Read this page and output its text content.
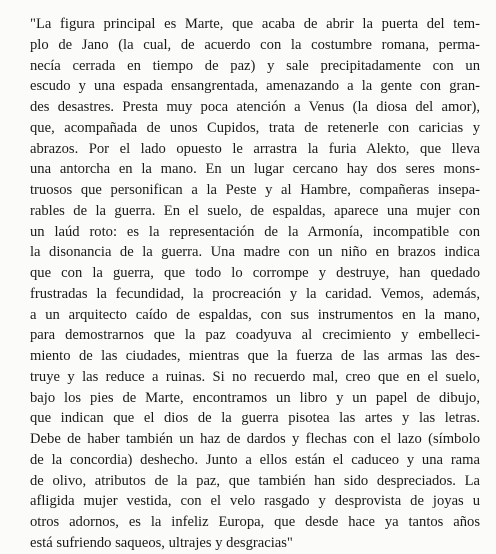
"La figura principal es Marte, que acaba de abrir la puerta del tem-
plo de Jano (la cual, de acuerdo con la costumbre romana, perma-
necía cerrada en tiempo de paz) y sale precipitadamente con un
escudo y una espada ensangrentada, amenazando a la gente con gran-
des desastres. Presta muy poca atención a Venus (la diosa del amor),
que, acompañada de unos Cupidos, trata de retenerle con caricias y
abrazos. Por el lado opuesto le arrastra la furia Alekto, que lleva
una antorcha en la mano. En un lugar cercano hay dos seres mons-
truosos que personifican a la Peste y al Hambre, compañeras insepa-
rables de la guerra. En el suelo, de espaldas, aparece una mujer con
un laúd roto: es la representación de la Armonía, incompatible con
la disonancia de la guerra. Una madre con un niño en brazos indica
que con la guerra, que todo lo corrompe y destruye, han quedado
frustradas la fecundidad, la procreación y la caridad. Vemos, además,
a un arquitecto caído de espaldas, con sus instrumentos en la mano,
para demostrarnos que la paz coadyuva al crecimiento y embelleci-
miento de las ciudades, mientras que la fuerza de las armas las des-
truye y las reduce a ruinas. Si no recuerdo mal, creo que en el suelo,
bajo los pies de Marte, encontramos un libro y un papel de dibujo,
que indican que el dios de la guerra pisotea las artes y las letras.
Debe de haber también un haz de dardos y flechas con el lazo (símbolo
de la concordia) deshecho. Junto a ellos están el caduceo y una rama
de olivo, atributos de la paz, que también han sido despreciados. La
afligida mujer vestida, con el velo rasgado y desprovista de joyas u
otros adornos, es la infeliz Europa, que desde hace ya tantos años
está sufriendo saqueos, ultrajes y desgracias"
